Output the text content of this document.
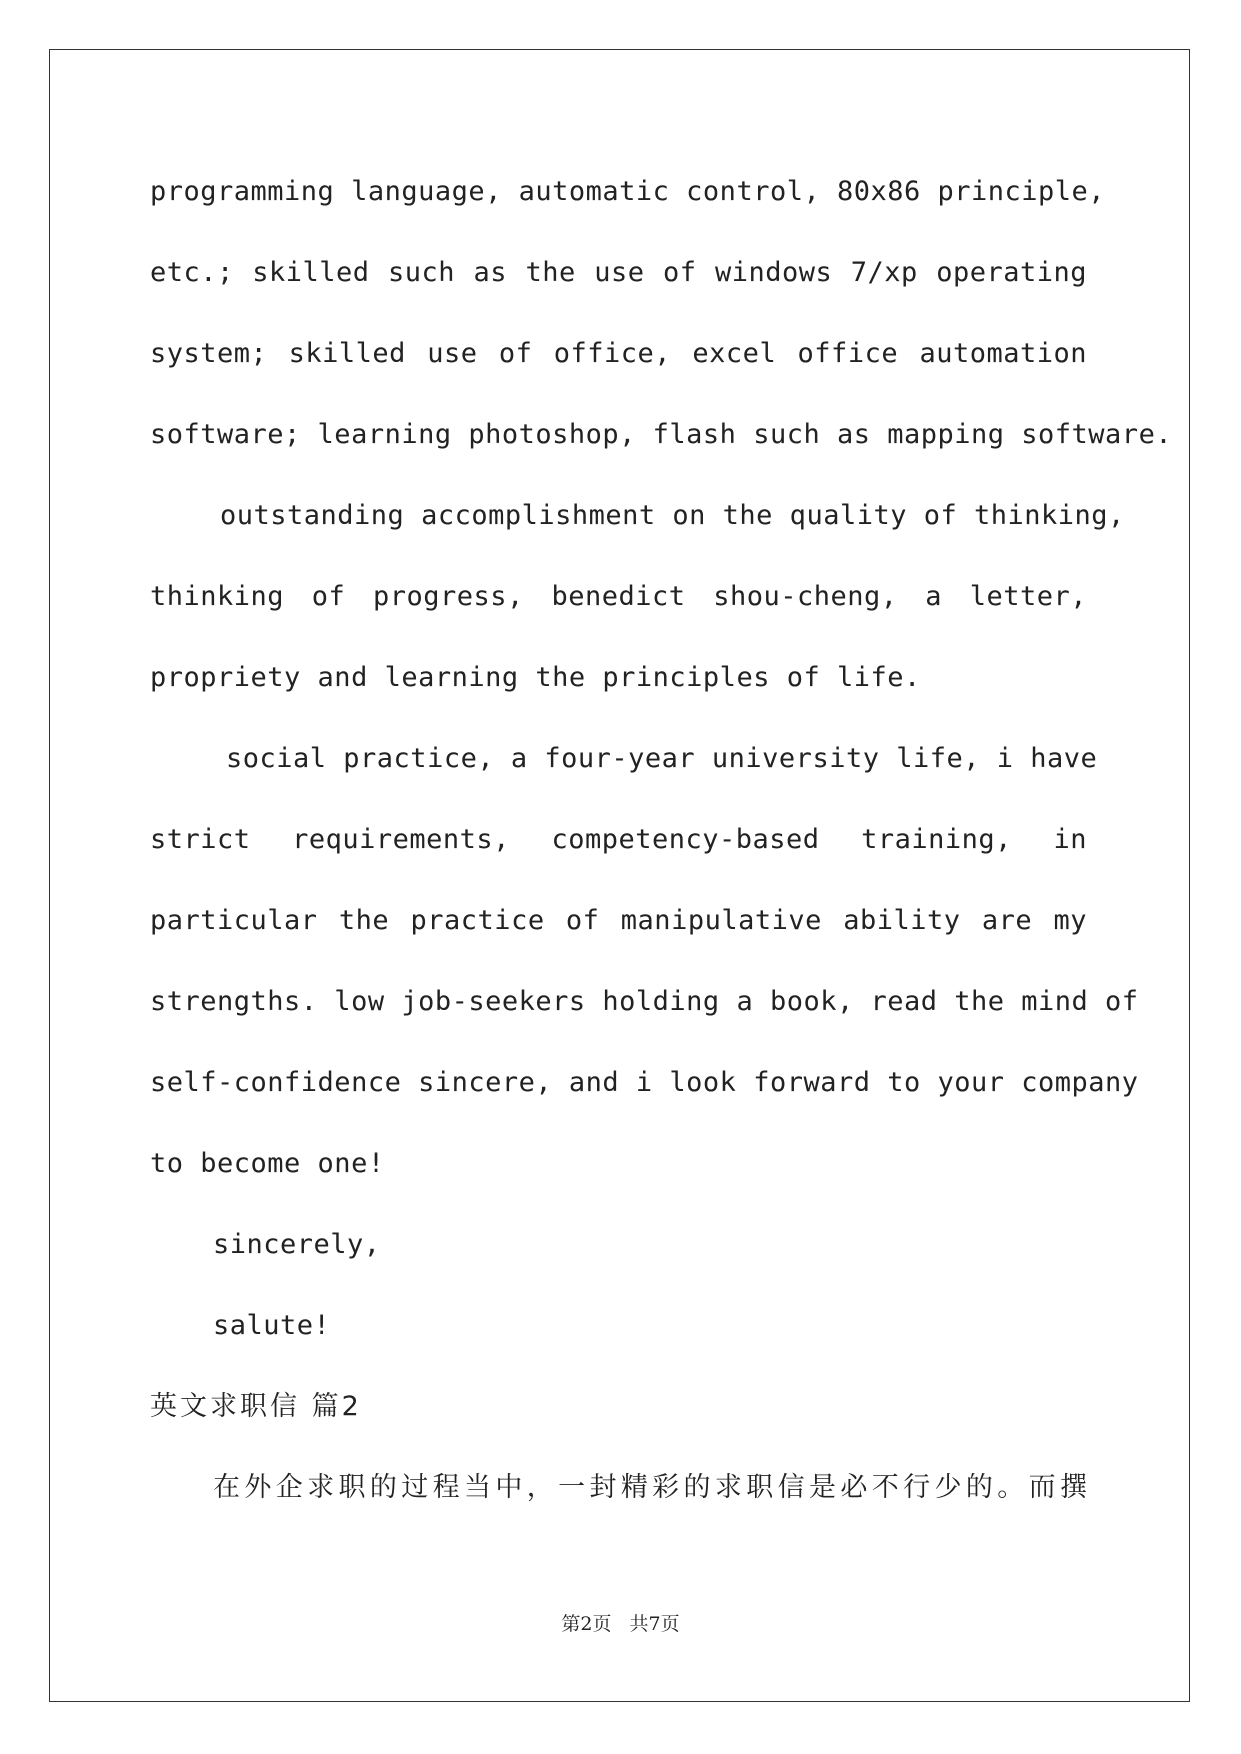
programming language, automatic control, 80x86 principle,
etc.; skilled such as the use of windows 7/xp operating
system; skilled use of office, excel office automation
software; learning photoshop, flash such as mapping software.
outstanding accomplishment on the quality of thinking,
thinking of progress, benedict shou-cheng, a letter,
propriety and learning the principles of life.
social practice, a four-year university life, i have
strict requirements, competency-based training, in
particular the practice of manipulative ability are my
strengths. low job-seekers holding a book, read the mind of
self-confidence sincere, and i look forward to your company
to become one!
sincerely,
salute!
英文求职信 篇2
在外企求职的过程当中，一封精彩的求职信是必不行少的。而撰
第2页 共7页
